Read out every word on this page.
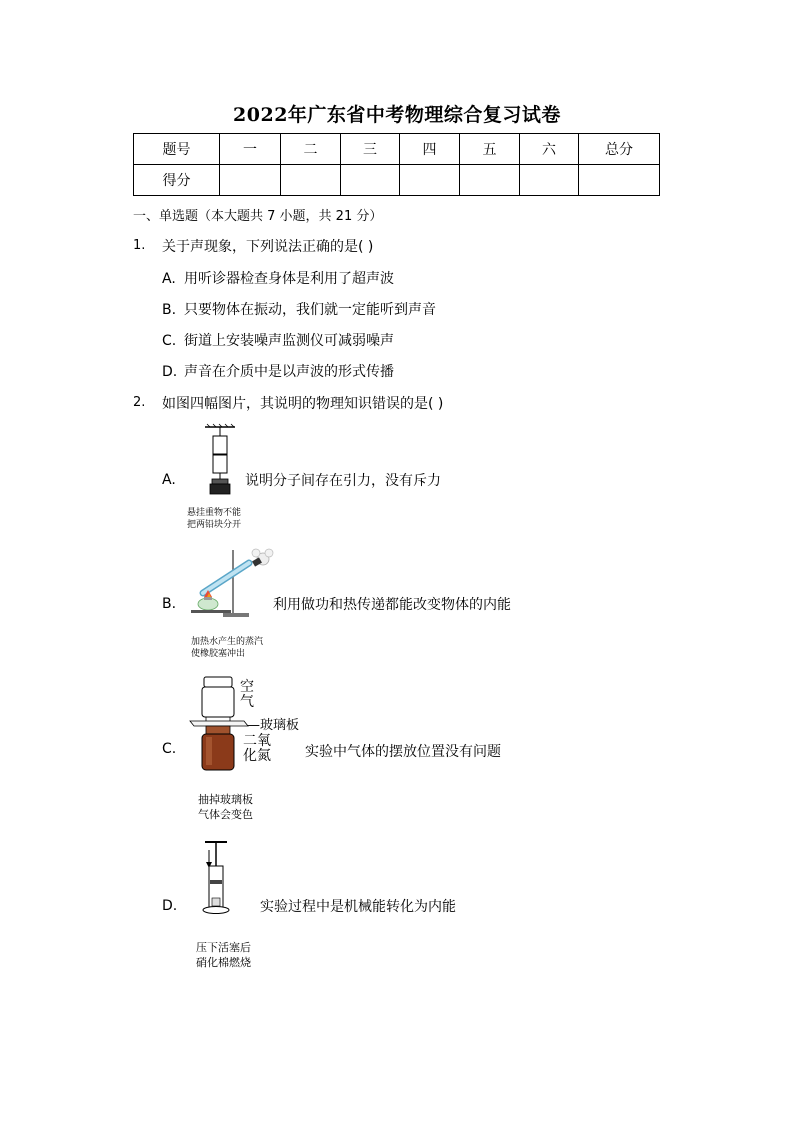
2022年广东省中考物理综合复习试卷
题号	一	二	三	四	五	六	总分
得分							
一、单选题（本大题共 7 小题，共 21 分）
1. 关于声现象，下列说法正确的是( )
A. 用听诊器检查身体是利用了超声波
B. 只要物体在振动，我们就一定能听到声音
C. 街道上安装噪声监测仪可减弱噪声
D. 声音在介质中是以声波的形式传播
2. 如图四幅图片，其说明的物理知识错误的是( )
A.	说明分子间存在引力，没有斥力
悬挂重物不能
把两铅块分开
B.	利用做功和热传递都能改变物体的内能
加热水产生的蒸汽
使橡胶塞冲出
C.
空
气
—玻璃板
二氧
化氮 实验中气体的摆放位置没有问题
抽掉玻璃板
气体会变色
D.	实验过程中是机械能转化为内能
压下活塞后
硝化棉燃烧
